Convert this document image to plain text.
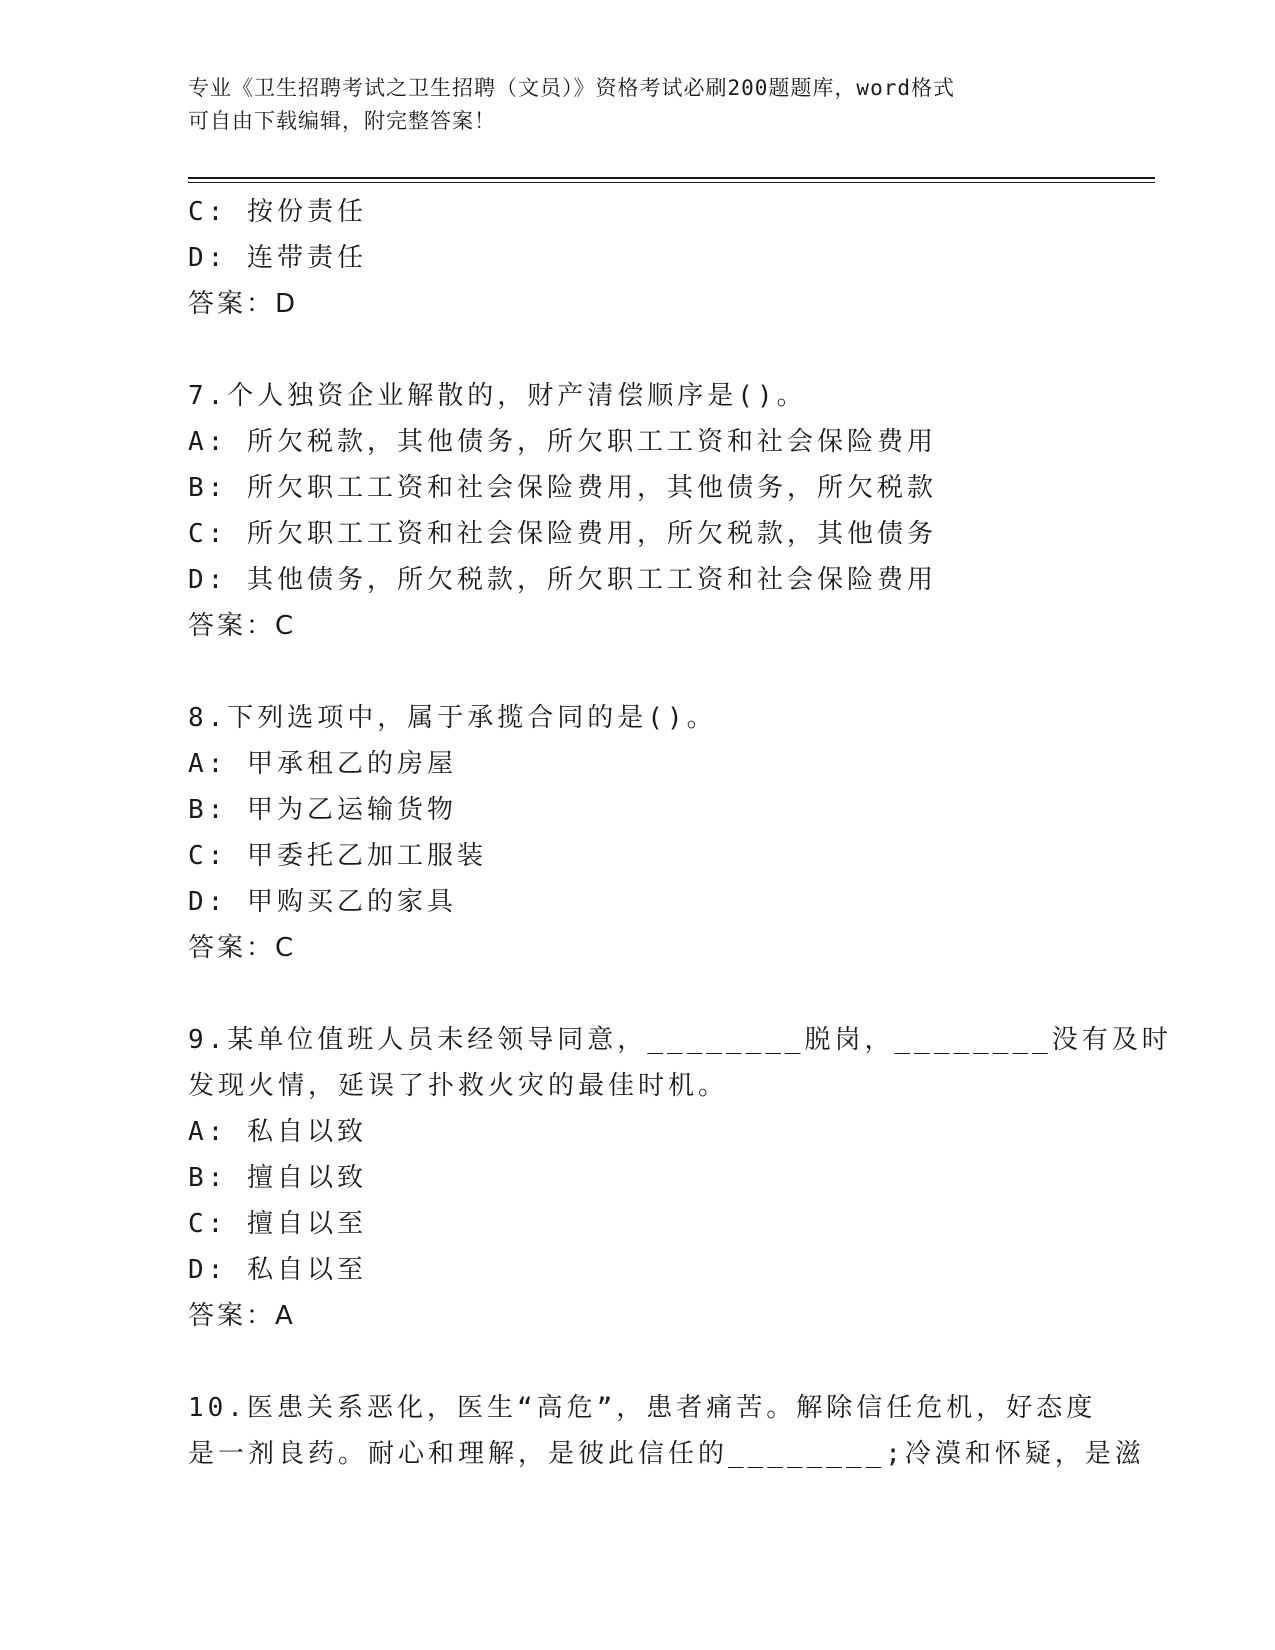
专业《卫生招聘考试之卫生招聘（文员）》资格考试必刷200题题库，word格式
可自由下载编辑，附完整答案！
C: 按份责任
D: 连带责任
答案：D
7.个人独资企业解散的，财产清偿顺序是()。
A: 所欠税款，其他债务，所欠职工工资和社会保险费用
B: 所欠职工工资和社会保险费用，其他债务，所欠税款
C: 所欠职工工资和社会保险费用，所欠税款，其他债务
D: 其他债务，所欠税款，所欠职工工资和社会保险费用
答案：C
8.下列选项中，属于承揽合同的是()。
A: 甲承租乙的房屋
B: 甲为乙运输货物
C: 甲委托乙加工服装
D: 甲购买乙的家具
答案：C
9.某单位值班人员未经领导同意，________脱岗，________没有及时
发现火情，延误了扑救火灾的最佳时机。
A: 私自以致
B: 擅自以致
C: 擅自以至
D: 私自以至
答案：A
10.医患关系恶化，医生“高危”，患者痛苦。解除信任危机，好态度
是一剂良药。耐心和理解，是彼此信任的________;冷漠和怀疑，是滋
